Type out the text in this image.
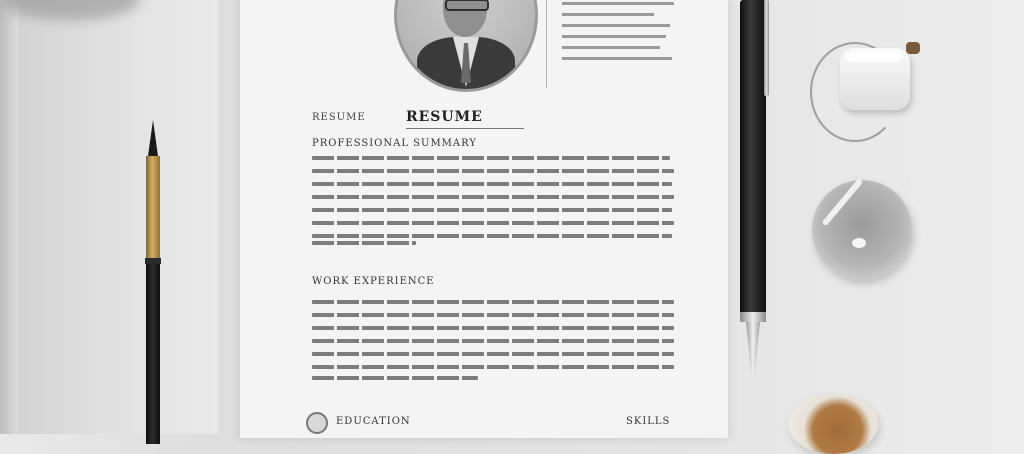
RESUME	RESUME
PROFESSIONAL SUMMARY
WORK EXPERIENCE
EDUCATION	SKILLS
